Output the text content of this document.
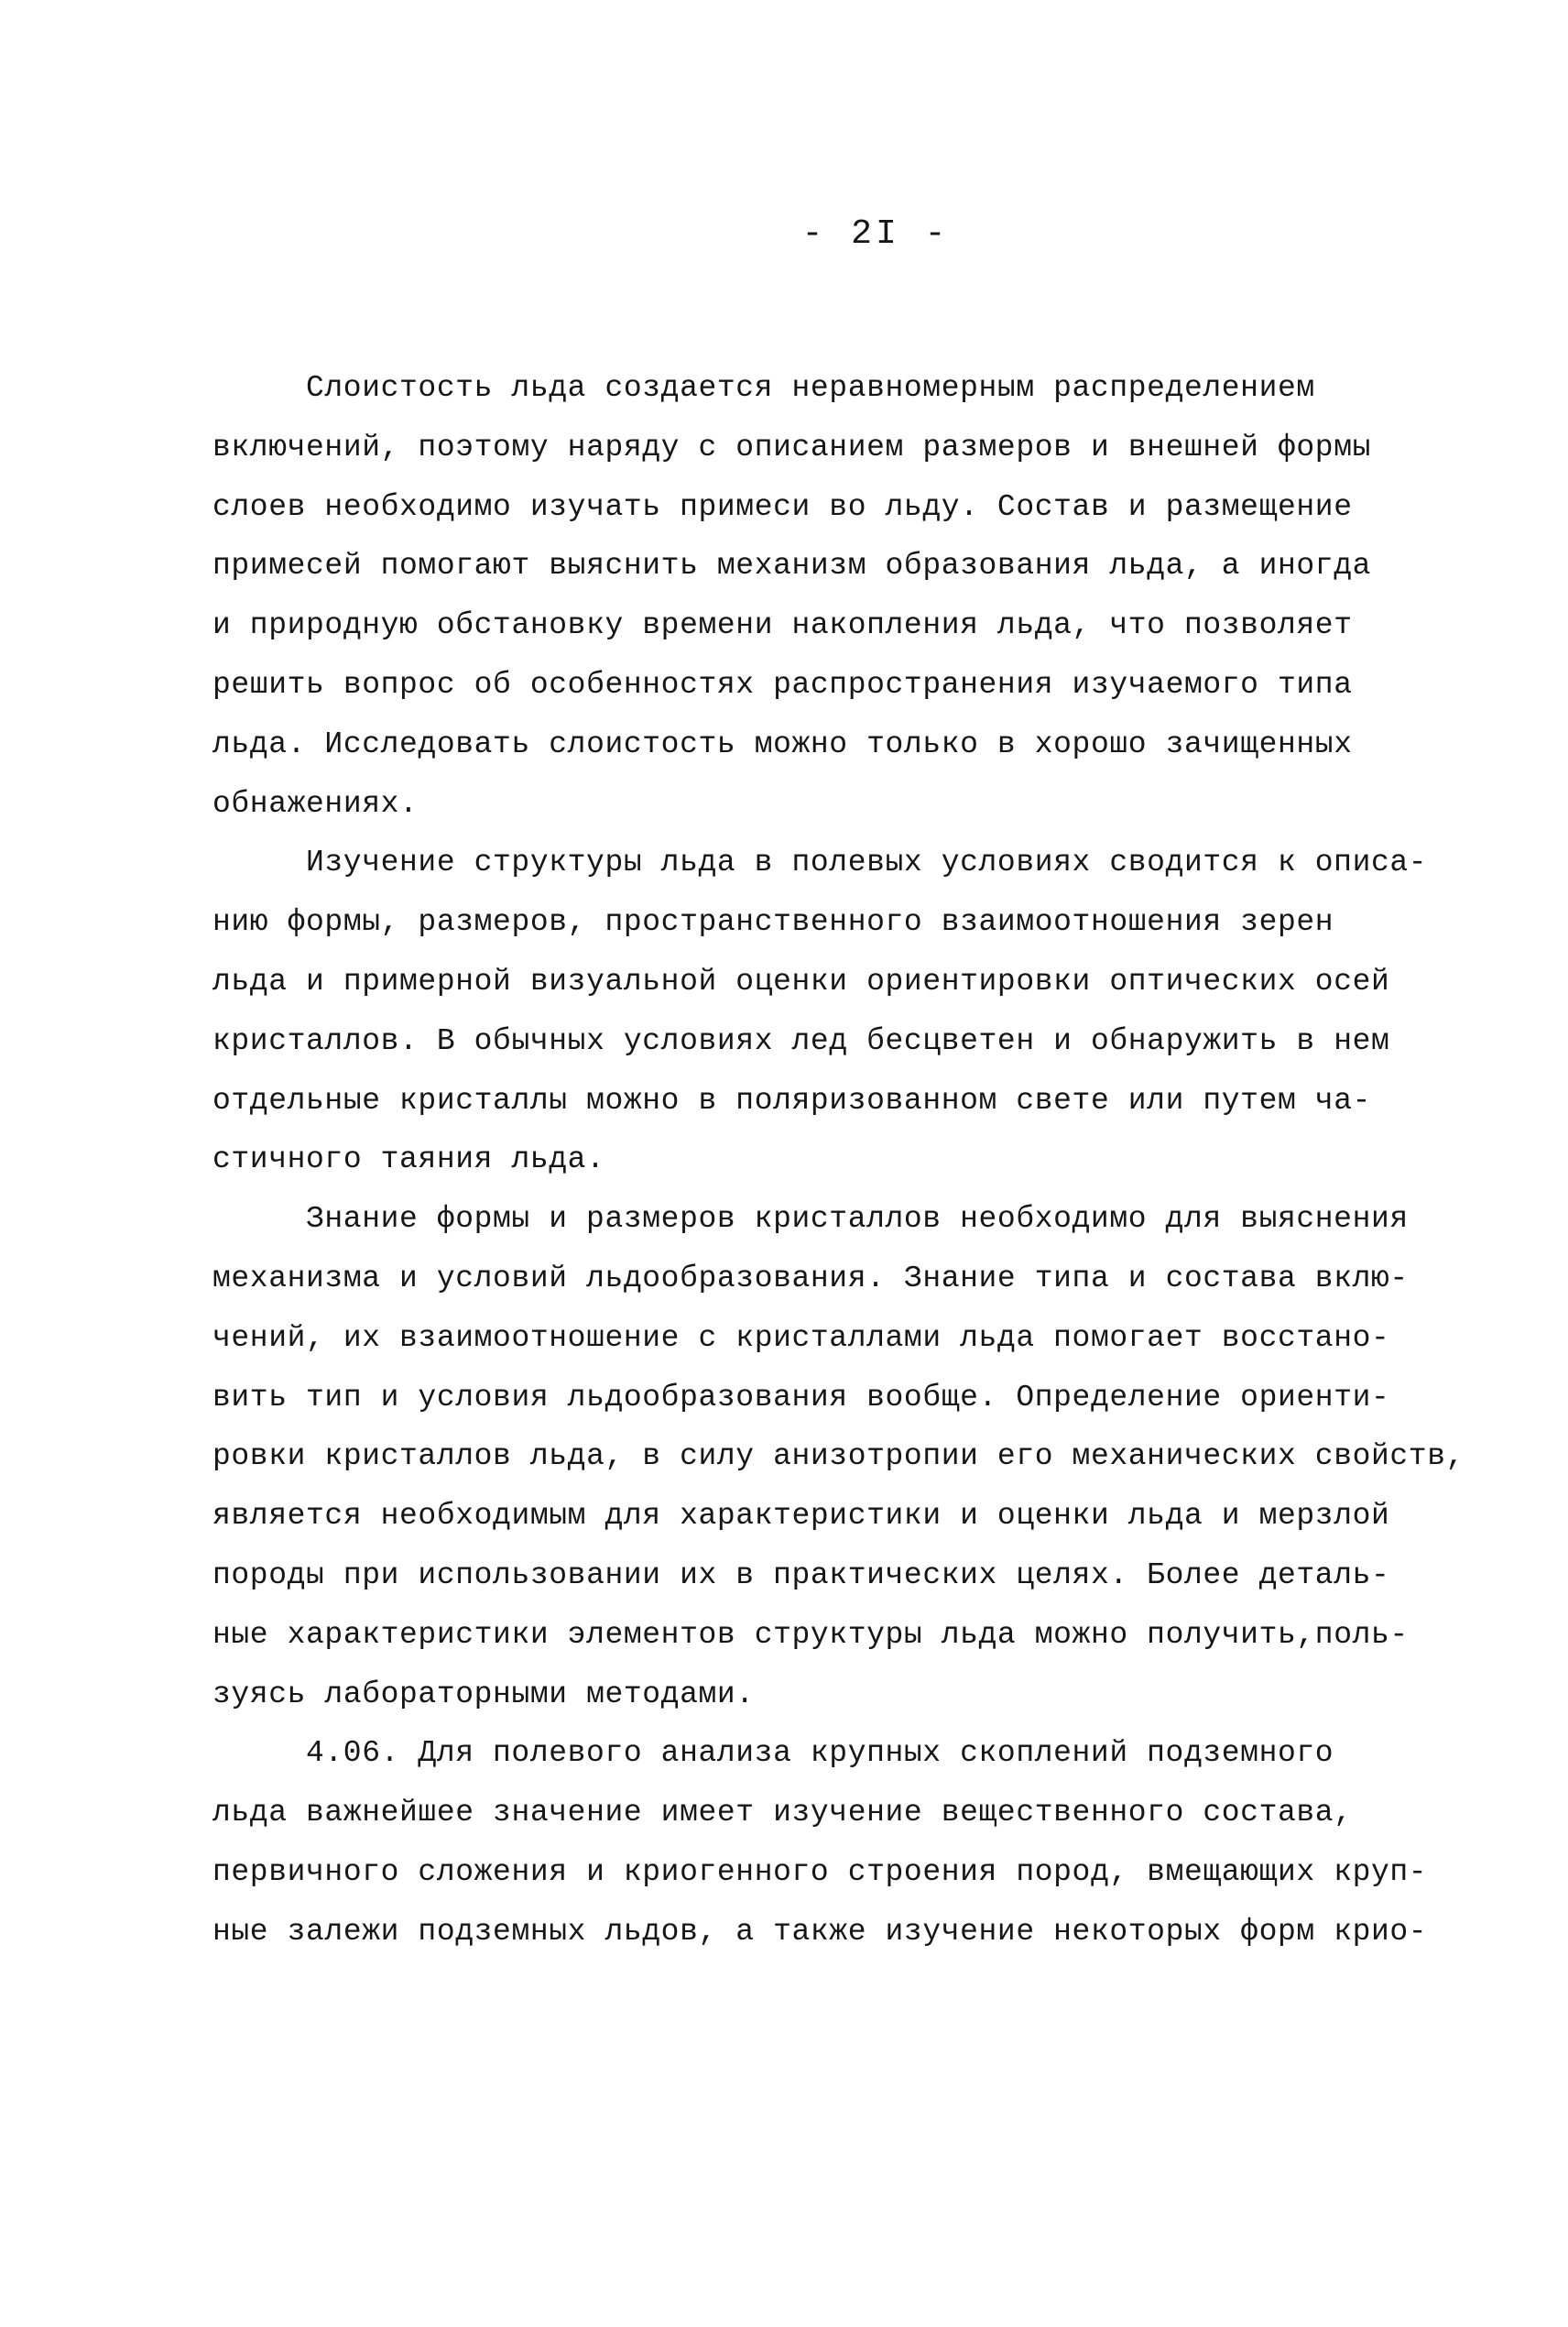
- 2I -
Слоистость льда создается неравномерным распределением
включений, поэтому наряду с описанием размеров и внешней формы
слоев необходимо изучать примеси во льду. Состав и размещение
примесей помогают выяснить механизм образования льда, а иногда
и природную обстановку времени накопления льда, что позволяет
решить вопрос об особенностях распространения изучаемого типа
льда. Исследовать слоистость можно только в хорошо зачищенных
обнажениях.
Изучение структуры льда в полевых условиях сводится к описа-
нию формы, размеров, пространственного взаимоотношения зерен
льда и примерной визуальной оценки ориентировки оптических осей
кристаллов. В обычных условиях лед бесцветен и обнаружить в нем
отдельные кристаллы можно в поляризованном свете или путем ча-
стичного таяния льда.
Знание формы и размеров кристаллов необходимо для выяснения
механизма и условий льдообразования. Знание типа и состава вклю-
чений, их взаимоотношение с кристаллами льда помогает восстано-
вить тип и условия льдообразования вообще. Определение ориенти-
ровки кристаллов льда, в силу анизотропии его механических свойств,
является необходимым для характеристики и оценки льда и мерзлой
породы при использовании их в практических целях. Более деталь-
ные характеристики элементов структуры льда можно получить,поль-
зуясь лабораторными методами.
4.06. Для полевого анализа крупных скоплений подземного
льда важнейшее значение имеет изучение вещественного состава,
первичного сложения и криогенного строения пород, вмещающих круп-
ные залежи подземных льдов, а также изучение некоторых форм крио-
